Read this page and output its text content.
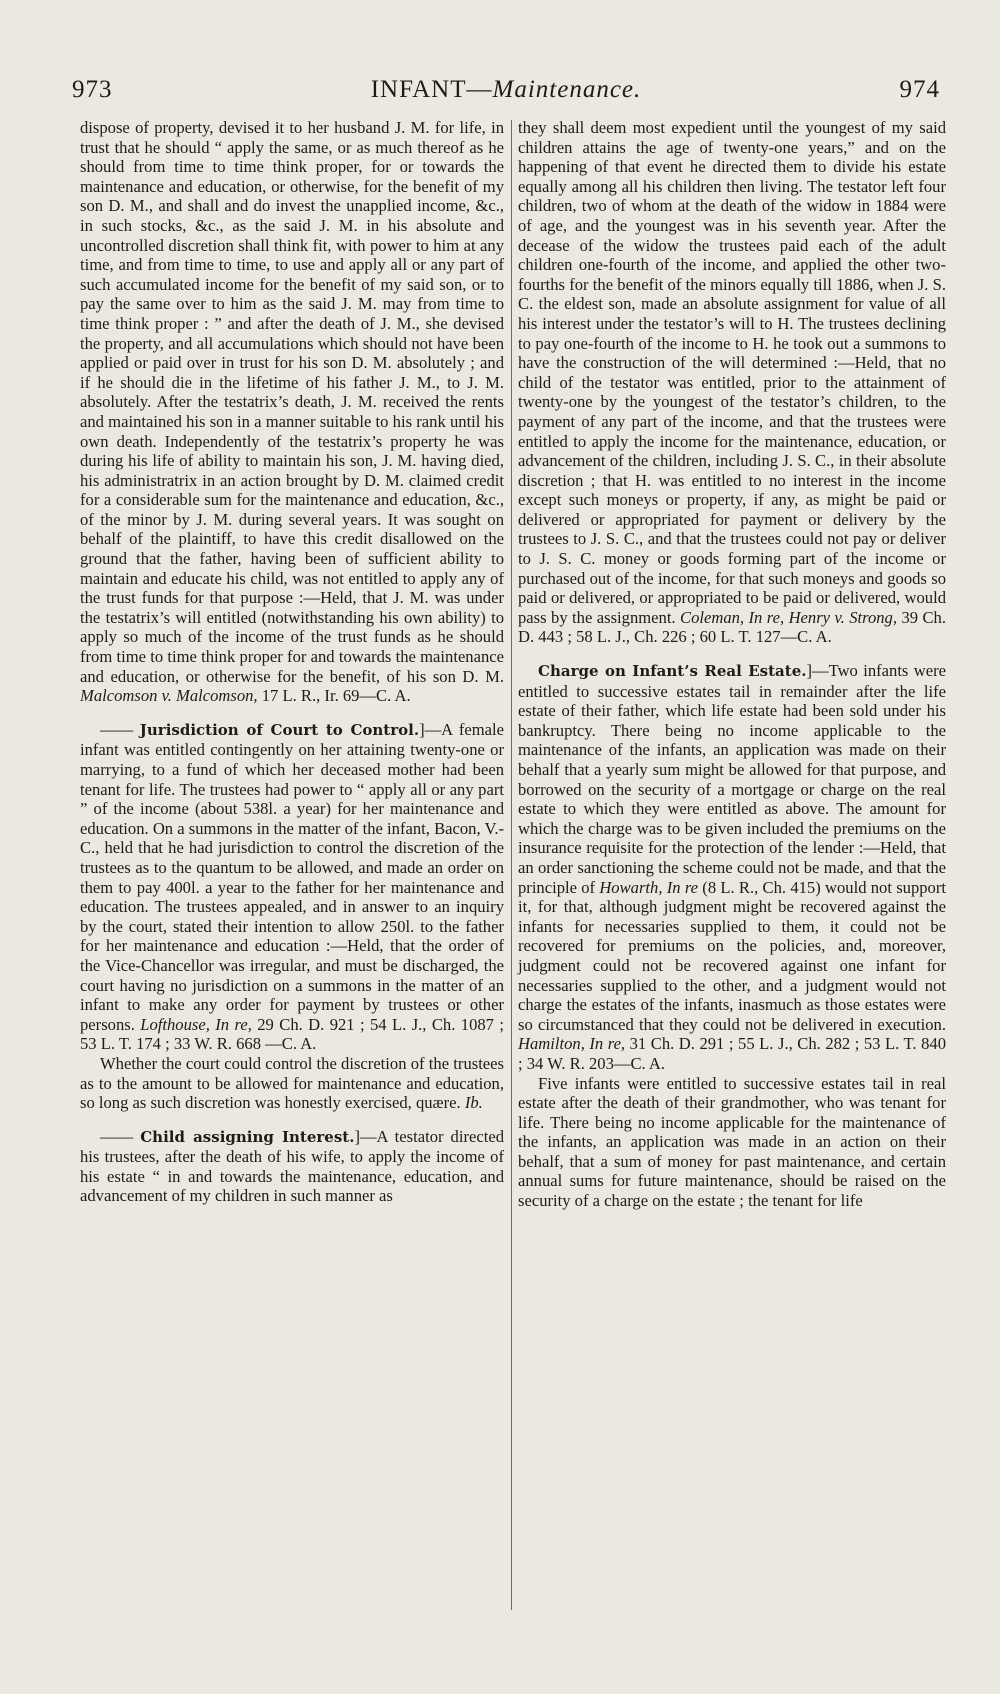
973	INFANT—Maintenance.	974

dispose of property, devised it to her husband J. M. for life, in trust that he should “ apply the same, or as much thereof as he should from time to time think proper, for or towards the maintenance and education, or otherwise, for the benefit of my son D. M., and shall and do invest the unapplied income, &c., in such stocks, &c., as the said J. M. in his absolute and uncontrolled discretion shall think fit, with power to him at any time, and from time to time, to use and apply all or any part of such accumulated income for the benefit of my said son, or to pay the same over to him as the said J. M. may from time to time think proper : ” and after the death of J. M., she devised the property, and all accumulations which should not have been applied or paid over in trust for his son D. M. absolutely ; and if he should die in the lifetime of his father J. M., to J. M. absolutely. After the testatrix’s death, J. M. received the rents and maintained his son in a manner suitable to his rank until his own death. Independently of the testatrix’s property he was during his life of ability to maintain his son, J. M. having died, his administratrix in an action brought by D. M. claimed credit for a considerable sum for the maintenance and education, &c., of the minor by J. M. during several years. It was sought on behalf of the plaintiff, to have this credit disallowed on the ground that the father, having been of sufficient ability to maintain and educate his child, was not entitled to apply any of the trust funds for that purpose :—Held, that J. M. was under the testatrix’s will entitled (notwithstanding his own ability) to apply so much of the income of the trust funds as he should from time to time think proper for and towards the maintenance and education, or otherwise for the benefit, of his son D. M. Malcomson v. Malcomson, 17 L. R., Ir. 69—C. A.

—— Jurisdiction of Court to Control.]—A female infant was entitled contingently on her attaining twenty-one or marrying, to a fund of which her deceased mother had been tenant for life. The trustees had power to “ apply all or any part ” of the income (about 538l. a year) for her maintenance and education. On a summons in the matter of the infant, Bacon, V.-C., held that he had jurisdiction to control the discretion of the trustees as to the quantum to be allowed, and made an order on them to pay 400l. a year to the father for her maintenance and education. The trustees appealed, and in answer to an inquiry by the court, stated their intention to allow 250l. to the father for her maintenance and education :—Held, that the order of the Vice-Chancellor was irregular, and must be discharged, the court having no jurisdiction on a summons in the matter of an infant to make any order for payment by trustees or other persons. Lofthouse, In re, 29 Ch. D. 921 ; 54 L. J., Ch. 1087 ; 53 L. T. 174 ; 33 W. R. 668 —C. A.

Whether the court could control the discretion of the trustees as to the amount to be allowed for maintenance and education, so long as such discretion was honestly exercised, quære. Ib.

—— Child assigning Interest.]—A testator directed his trustees, after the death of his wife, to apply the income of his estate “ in and towards the maintenance, education, and advancement of my children in such manner as

they shall deem most expedient until the youngest of my said children attains the age of twenty-one years,” and on the happening of that event he directed them to divide his estate equally among all his children then living. The testator left four children, two of whom at the death of the widow in 1884 were of age, and the youngest was in his seventh year. After the decease of the widow the trustees paid each of the adult children one-fourth of the income, and applied the other two-fourths for the benefit of the minors equally till 1886, when J. S. C. the eldest son, made an absolute assignment for value of all his interest under the testator’s will to H. The trustees declining to pay one-fourth of the income to H. he took out a summons to have the construction of the will determined :—Held, that no child of the testator was entitled, prior to the attainment of twenty-one by the youngest of the testator’s children, to the payment of any part of the income, and that the trustees were entitled to apply the income for the maintenance, education, or advancement of the children, including J. S. C., in their absolute discretion ; that H. was entitled to no interest in the income except such moneys or property, if any, as might be paid or delivered or appropriated for payment or delivery by the trustees to J. S. C., and that the trustees could not pay or deliver to J. S. C. money or goods forming part of the income or purchased out of the income, for that such moneys and goods so paid or delivered, or appropriated to be paid or delivered, would pass by the assignment. Coleman, In re, Henry v. Strong, 39 Ch. D. 443 ; 58 L. J., Ch. 226 ; 60 L. T. 127—C. A.

Charge on Infant’s Real Estate.]—Two infants were entitled to successive estates tail in remainder after the life estate of their father, which life estate had been sold under his bankruptcy. There being no income applicable to the maintenance of the infants, an application was made on their behalf that a yearly sum might be allowed for that purpose, and borrowed on the security of a mortgage or charge on the real estate to which they were entitled as above. The amount for which the charge was to be given included the premiums on the insurance requisite for the protection of the lender :—Held, that an order sanctioning the scheme could not be made, and that the principle of Howarth, In re (8 L. R., Ch. 415) would not support it, for that, although judgment might be recovered against the infants for necessaries supplied to them, it could not be recovered for premiums on the policies, and, moreover, judgment could not be recovered against one infant for necessaries supplied to the other, and a judgment would not charge the estates of the infants, inasmuch as those estates were so circumstanced that they could not be delivered in execution. Hamilton, In re, 31 Ch. D. 291 ; 55 L. J., Ch. 282 ; 53 L. T. 840 ; 34 W. R. 203—C. A.

Five infants were entitled to successive estates tail in real estate after the death of their grandmother, who was tenant for life. There being no income applicable for the maintenance of the infants, an application was made in an action on their behalf, that a sum of money for past maintenance, and certain annual sums for future maintenance, should be raised on the security of a charge on the estate ; the tenant for life
